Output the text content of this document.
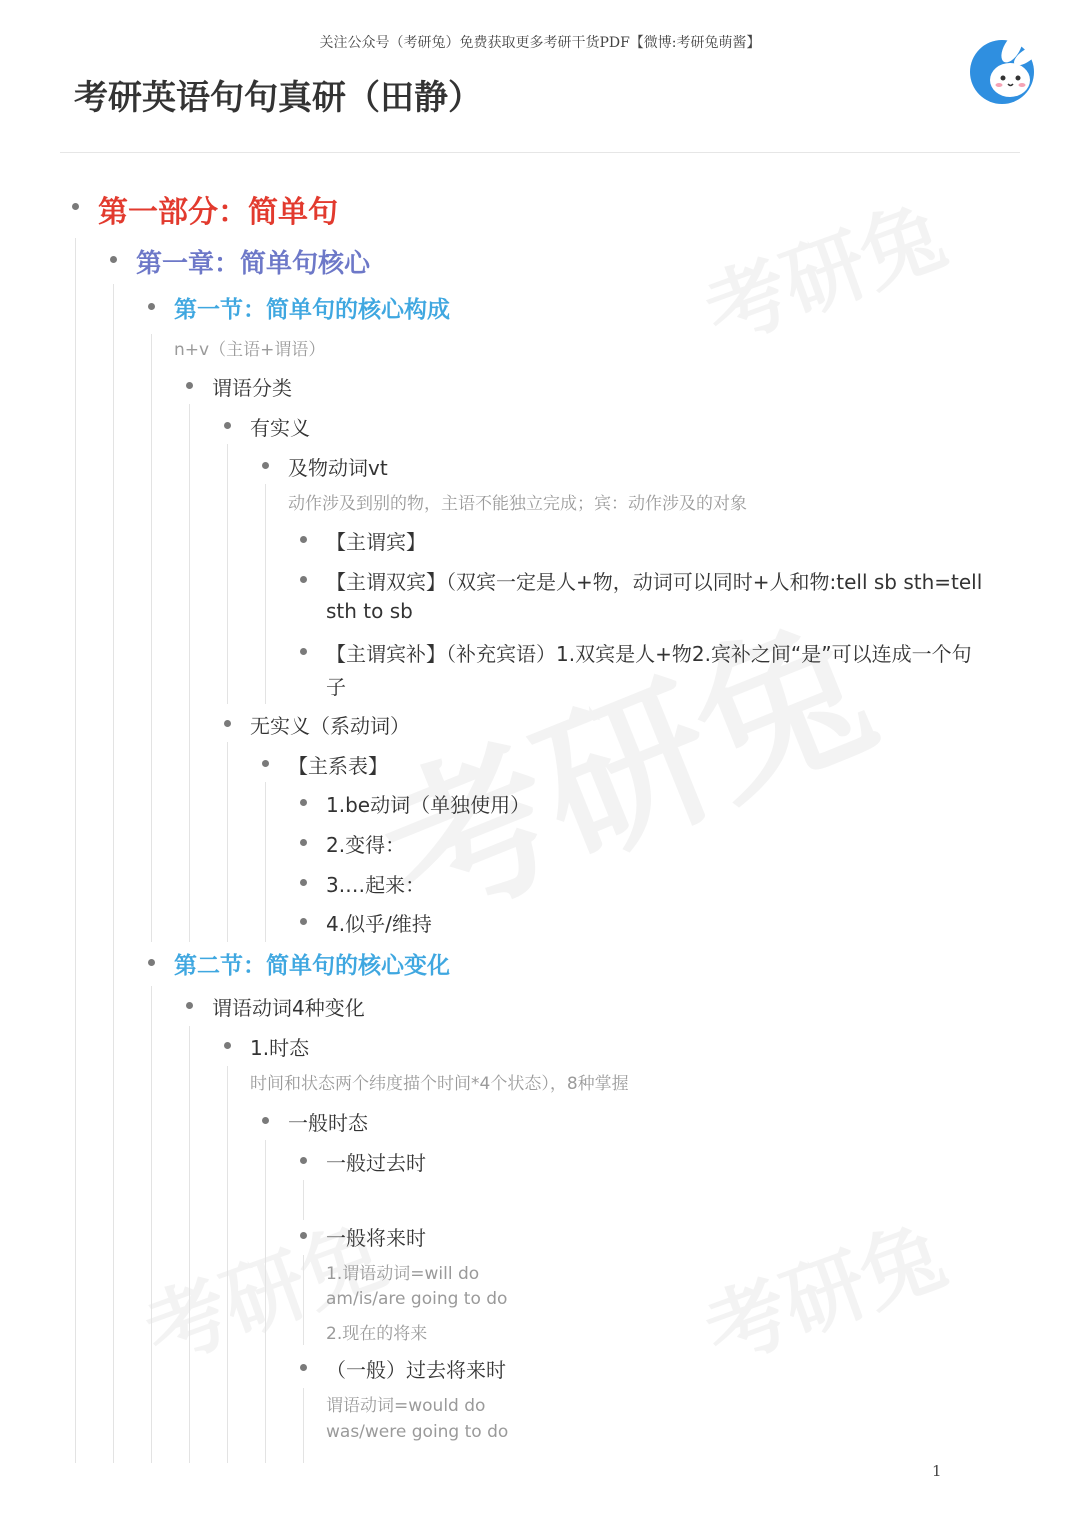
关注公众号（考研兔）免费获取更多考研干货PDF【微博:考研兔萌酱】
考研英语句句真研（田静）
第一部分：简单句
第一章：简单句核心
第一节：简单句的核心构成
n+v（主语+谓语）
谓语分类
有实义
及物动词vt
动作涉及到别的物，主语不能独立完成；宾：动作涉及的对象
【主谓宾】
【主谓双宾】（双宾一定是人+物，动词可以同时+人和物:tell sb sth=tell
sth to sb
【主谓宾补】（补充宾语）1.双宾是人+物2.宾补之间“是”可以连成一个句
子
无实义（系动词）
【主系表】
1.be动词（单独使用）
2.变得：
3.…起来：
4.似乎/维持
第二节：简单句的核心变化
谓语动词4种变化
1.时态
时间和状态两个纬度描个时间*4个状态），8种掌握
一般时态
一般过去时
一般将来时
1.谓语动词=will do
am/is/are going to do
2.现在的将来
（一般）过去将来时
谓语动词=would do
was/were going to do
1
